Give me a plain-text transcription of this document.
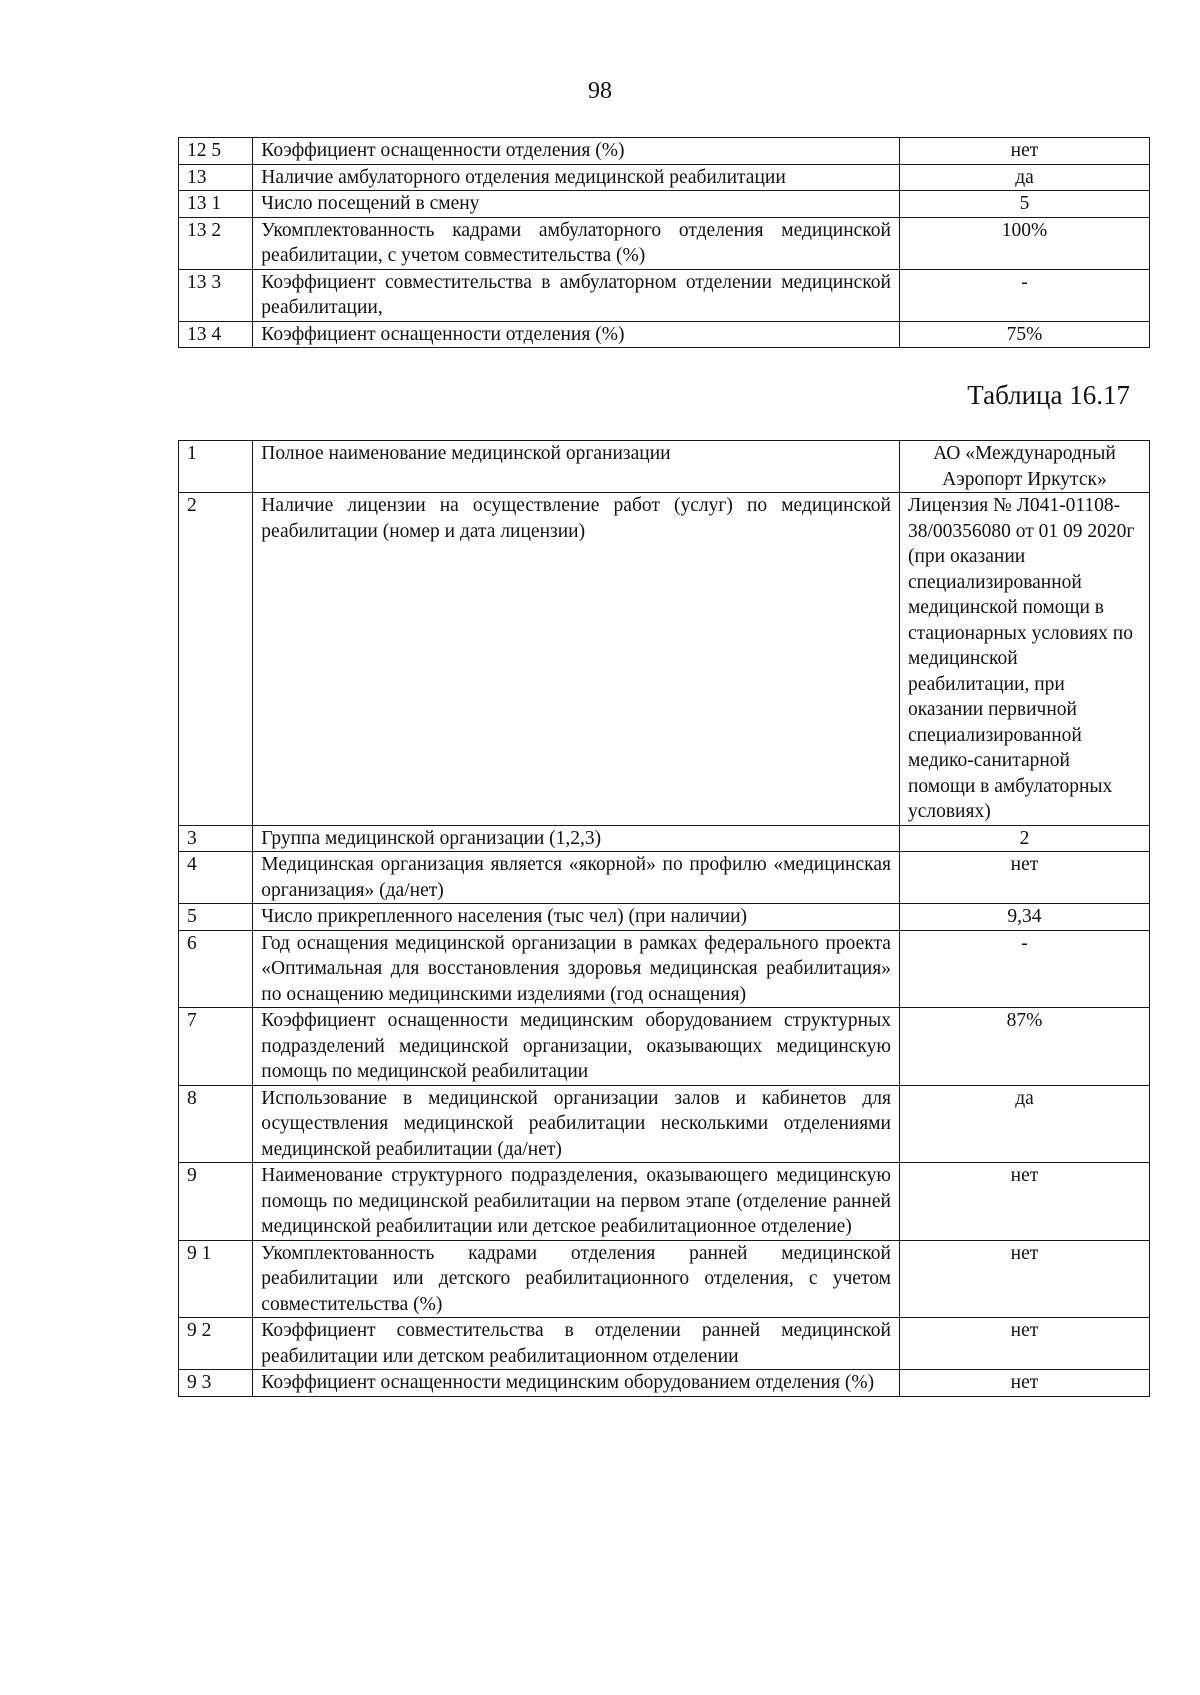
98
12 5	Коэффициент оснащенности отделения (%)	нет
13	Наличие амбулаторного отделения медицинской реабилитации	да
13 1	Число посещений в смену	5
13 2	Укомплектованность кадрами амбулаторного отделения медицинской реабилитации, с учетом совместительства (%)	100%
13 3	Коэффициент совместительства в амбулаторном отделении медицинской реабилитации,	-
13 4	Коэффициент оснащенности отделения (%)	75%
Таблица 16.17
1	Полное наименование медицинской организации	АО «Международный Аэропорт Иркутск»
2	Наличие лицензии на осуществление работ (услуг) по медицинской реабилитации (номер и дата лицензии)	Лицензия № Л041-01108-38/00356080 от 01 09 2020г (при оказании специализированной медицинской помощи в стационарных условиях по медицинской реабилитации, при оказании первичной специализированной медико-санитарной помощи в амбулаторных условиях)
3	Группа медицинской организации (1,2,3)	2
4	Медицинская организация является «якорной» по профилю «медицинская организация» (да/нет)	нет
5	Число прикрепленного населения (тыс чел) (при наличии)	9,34
6	Год оснащения медицинской организации в рамках федерального проекта «Оптимальная для восстановления здоровья медицинская реабилитация» по оснащению медицинскими изделиями (год оснащения)	-
7	Коэффициент оснащенности медицинским оборудованием структурных подразделений медицинской организации, оказывающих медицинскую помощь по медицинской реабилитации	87%
8	Использование в медицинской организации залов и кабинетов для осуществления медицинской реабилитации несколькими отделениями медицинской реабилитации (да/нет)	да
9	Наименование структурного подразделения, оказывающего медицинскую помощь по медицинской реабилитации на первом этапе (отделение ранней медицинской реабилитации или детское реабилитационное отделение)	нет
9 1	Укомплектованность кадрами отделения ранней медицинской реабилитации или детского реабилитационного отделения, с учетом совместительства (%)	нет
9 2	Коэффициент совместительства в отделении ранней медицинской реабилитации или детском реабилитационном отделении	нет
9 3	Коэффициент оснащенности медицинским оборудованием отделения (%)	нет
